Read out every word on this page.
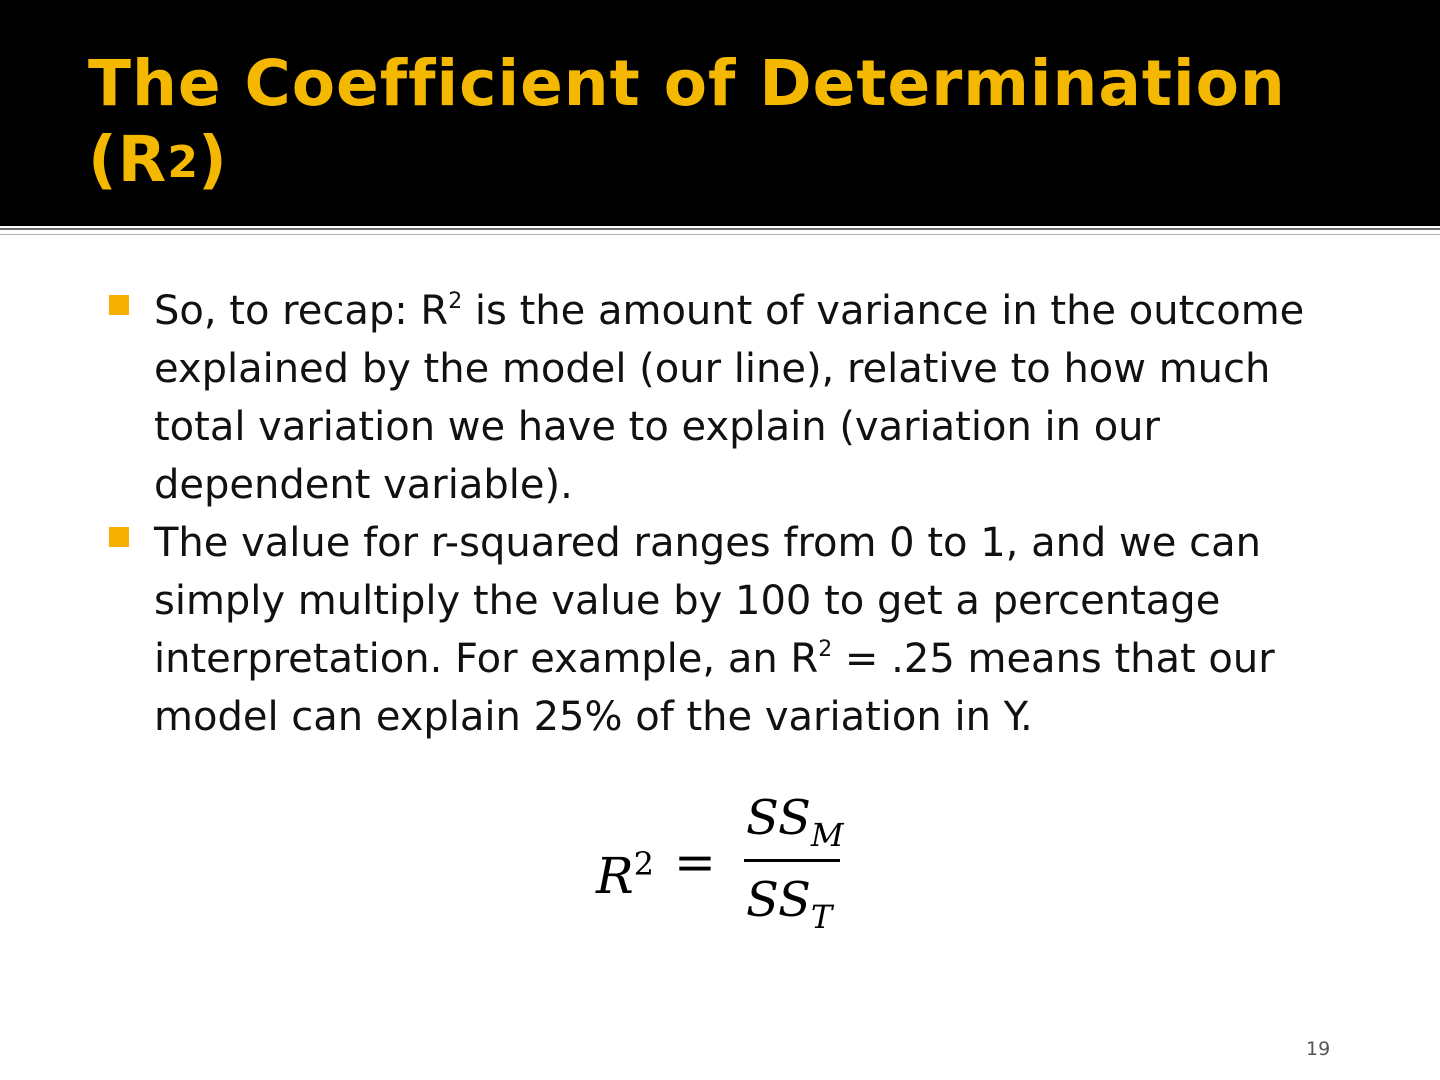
The Coefficient of Determination
(R2)
So, to recap: $R^2$ is the amount of variance in the outcome explained by the model (our line), relative to how much total variation we have to explain (variation in our dependent variable).
The value for r-squared ranges from 0 to 1, and we can simply multiply the value by 100 to get a percentage interpretation. For example, an $R^2 = .25$ means that our model can explain 25% of the variation in Y.
$R^2$ =
$SS_M$
$SS_T$
19
